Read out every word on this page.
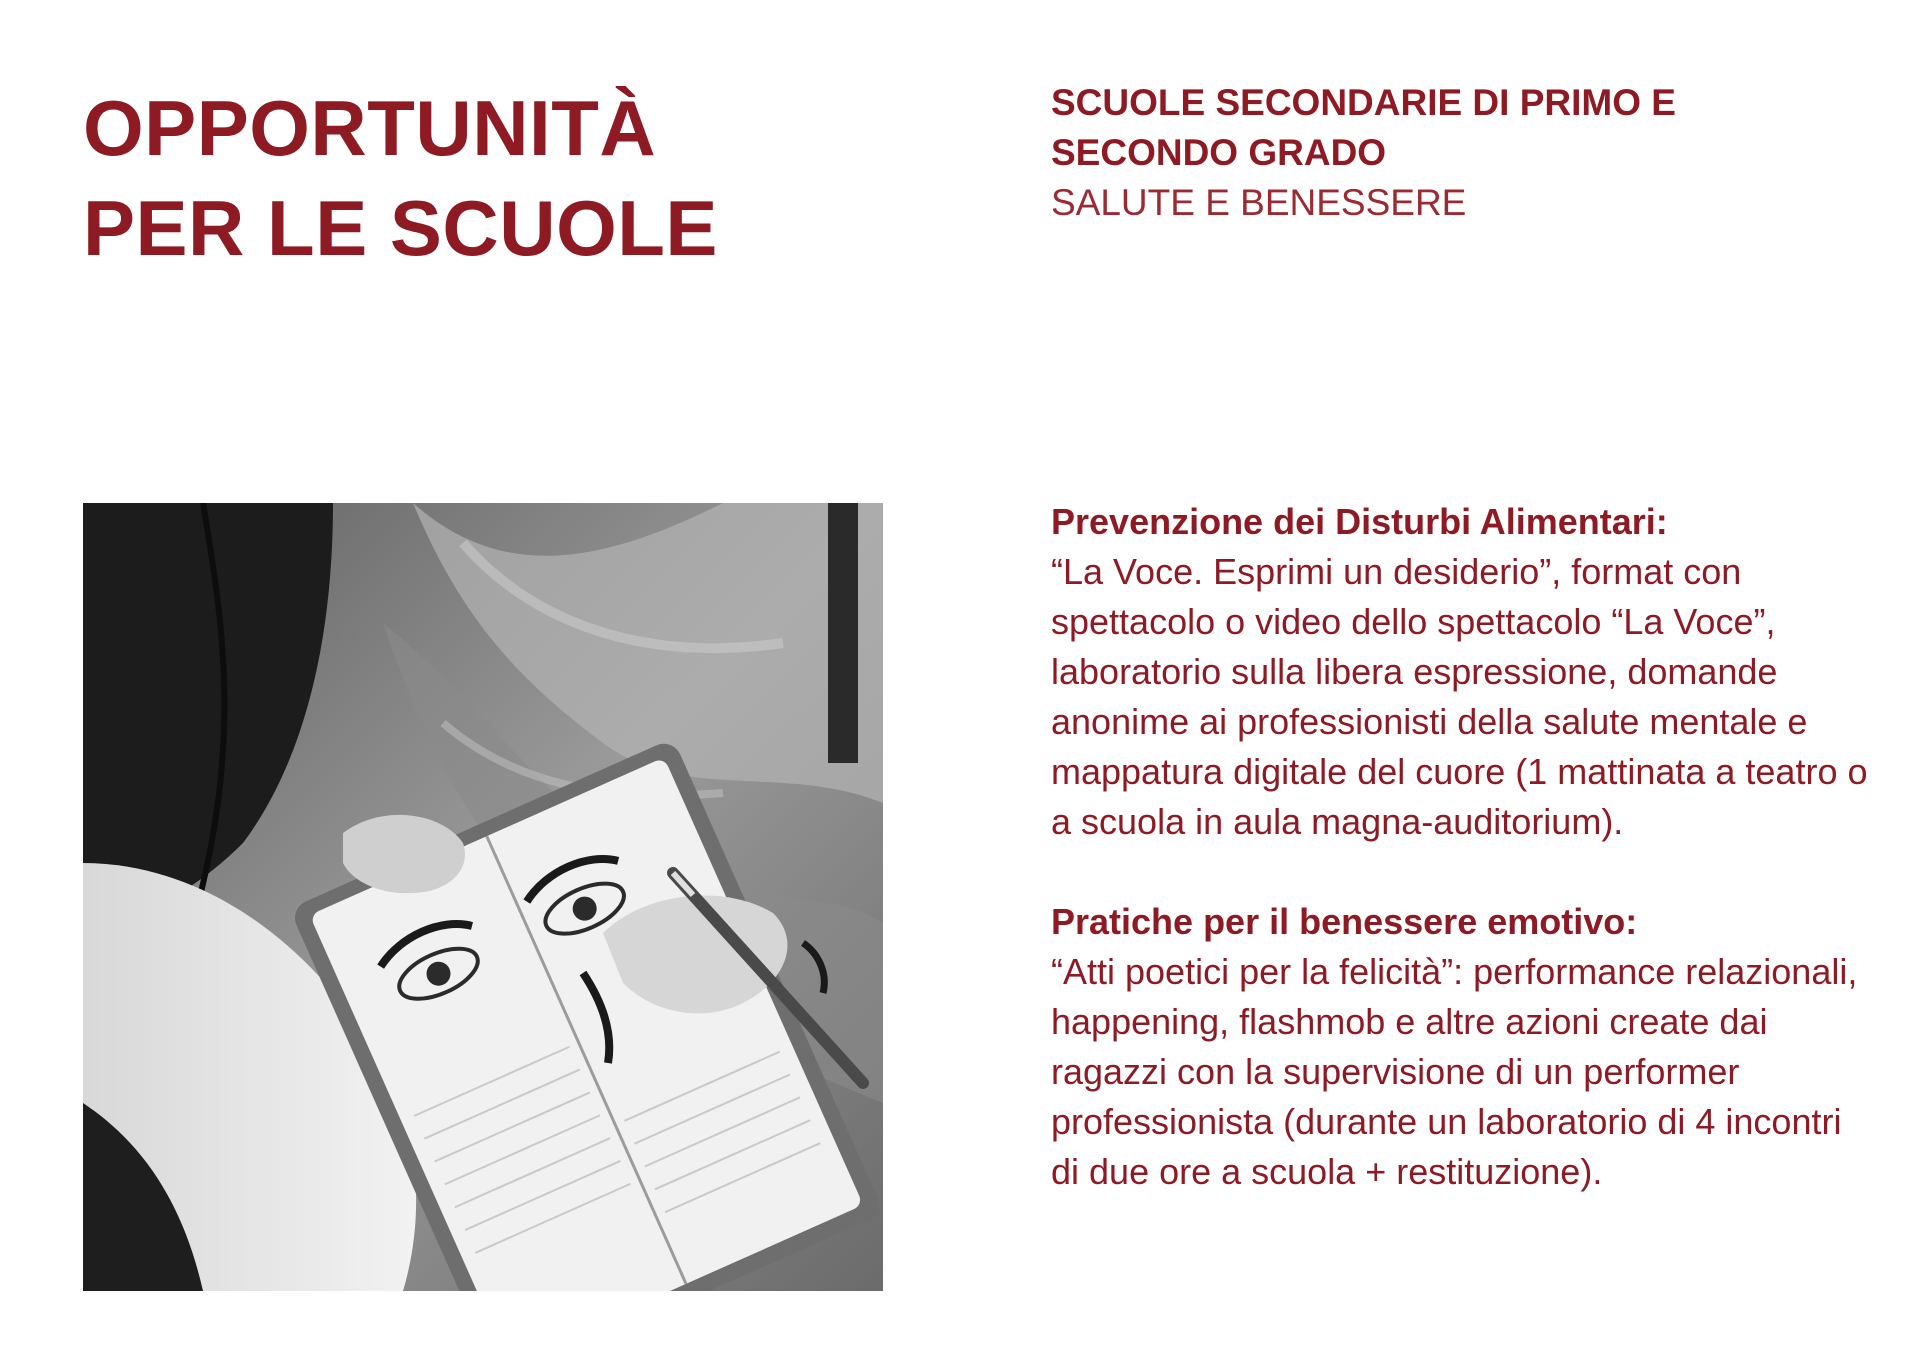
OPPORTUNITÀ
PER LE SCUOLE
SCUOLE SECONDARIE DI PRIMO E
SECONDO GRADO
SALUTE E BENESSERE
Prevenzione dei Disturbi Alimentari:
“La Voce. Esprimi un desiderio”, format con spettacolo o video dello spettacolo “La Voce”, laboratorio sulla libera espressione, domande anonime ai professionisti della salute mentale e mappatura digitale del cuore (1 mattinata a teatro o a scuola in aula magna-auditorium).
Pratiche per il benessere emotivo:
“Atti poetici per la felicità”: performance relazionali, happening, flashmob e altre azioni create dai ragazzi con la supervisione di un performer professionista (durante un laboratorio di 4 incontri di due ore a scuola + restituzione).
